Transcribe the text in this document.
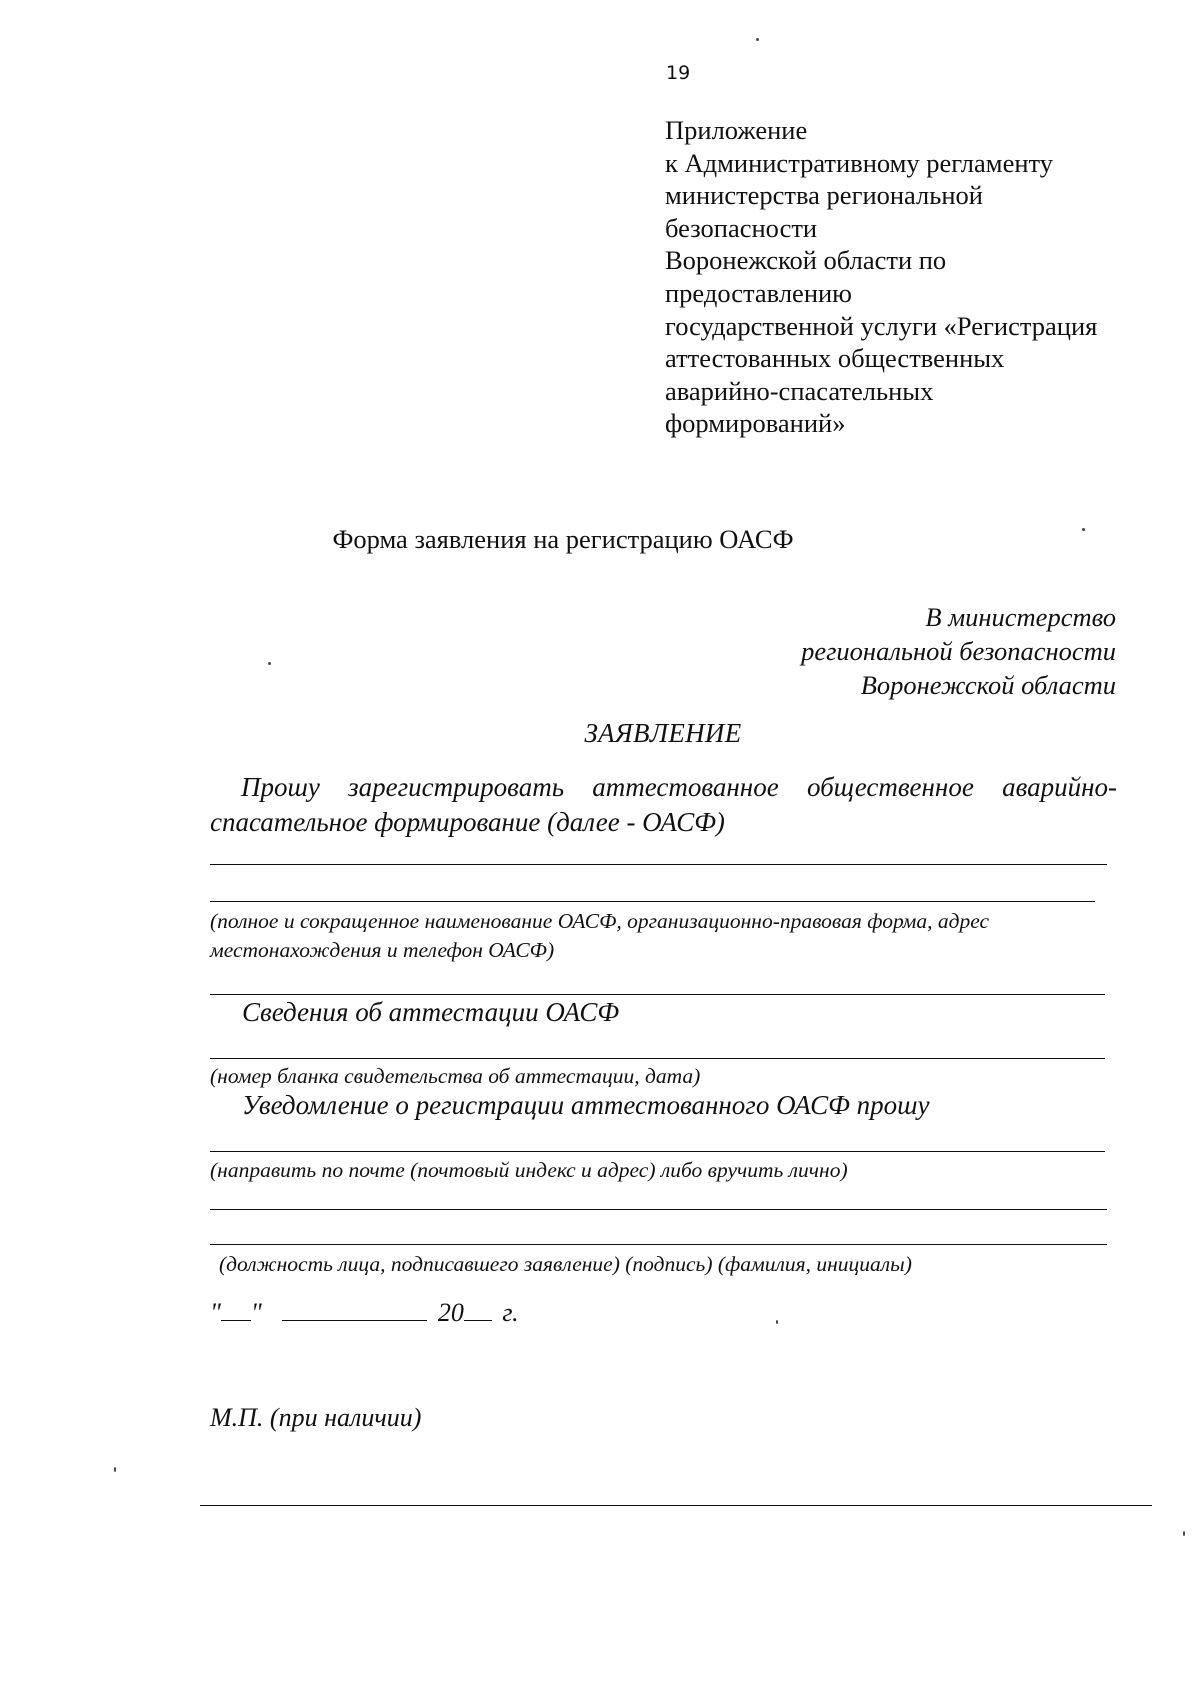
19
Приложение
к Административному регламенту
министерства региональной
безопасности
Воронежской области по
предоставлению
государственной услуги «Регистрация
аттестованных общественных
аварийно-спасательных
формирований»
Форма заявления на регистрацию ОАСФ
В министерство
региональной безопасности
Воронежской области
ЗАЯВЛЕНИЕ
Прошу зарегистрировать аттестованное общественное аварийно-
спасательное формирование (далее - ОАСФ)
(полное и сокращенное наименование ОАСФ, организационно-правовая форма, адрес
местонахождения и телефон ОАСФ)
Сведения об аттестации ОАСФ
(номер бланка свидетельства об аттестации, дата)
Уведомление о регистрации аттестованного ОАСФ прошу
(направить по почте (почтовый индекс и адрес) либо вручить лично)
(должность лица, подписавшего заявление) (подпись) (фамилия, инициалы)
" "	20 г.
М.П. (при наличии)
